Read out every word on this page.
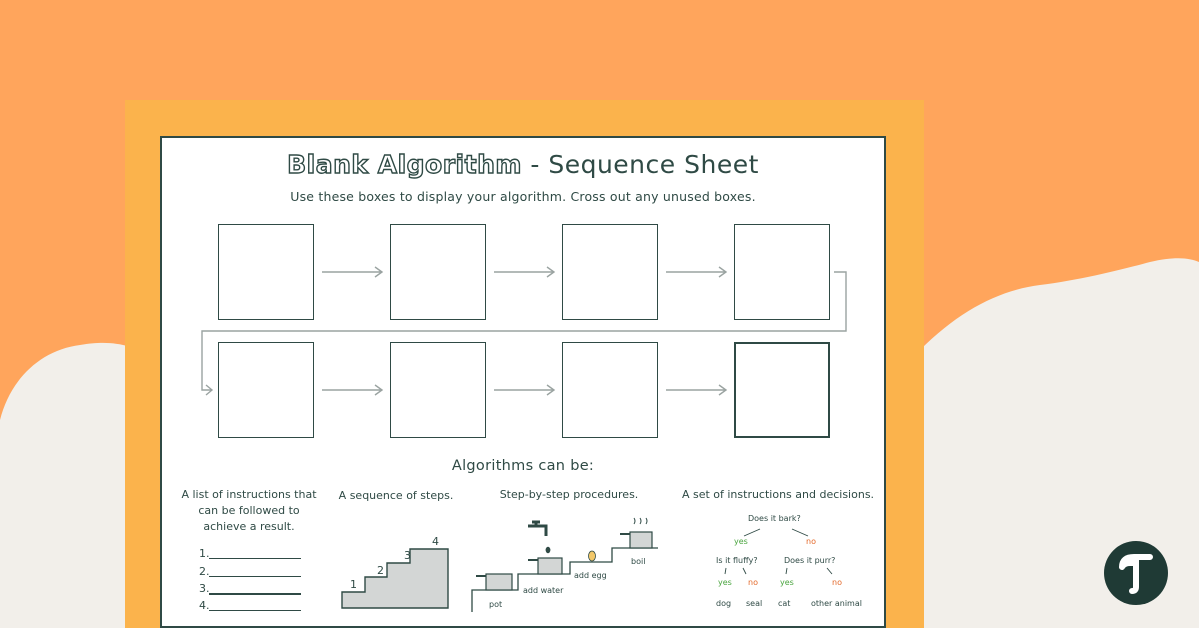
Blank Algorithm - Sequence Sheet
Use these boxes to display your algorithm. Cross out any unused boxes.
Algorithms can be:
A list of instructions that can be followed to achieve a result.
1.
2.
3.
4.
A sequence of steps.
1
2
3
4
Step-by-step procedures.
pot
add water
add egg
boil
A set of instructions and decisions.
Does it bark?
yes	no
Is it fluffy?	Does it purr?
yes no	yes	no
dog seal cat	other animal
